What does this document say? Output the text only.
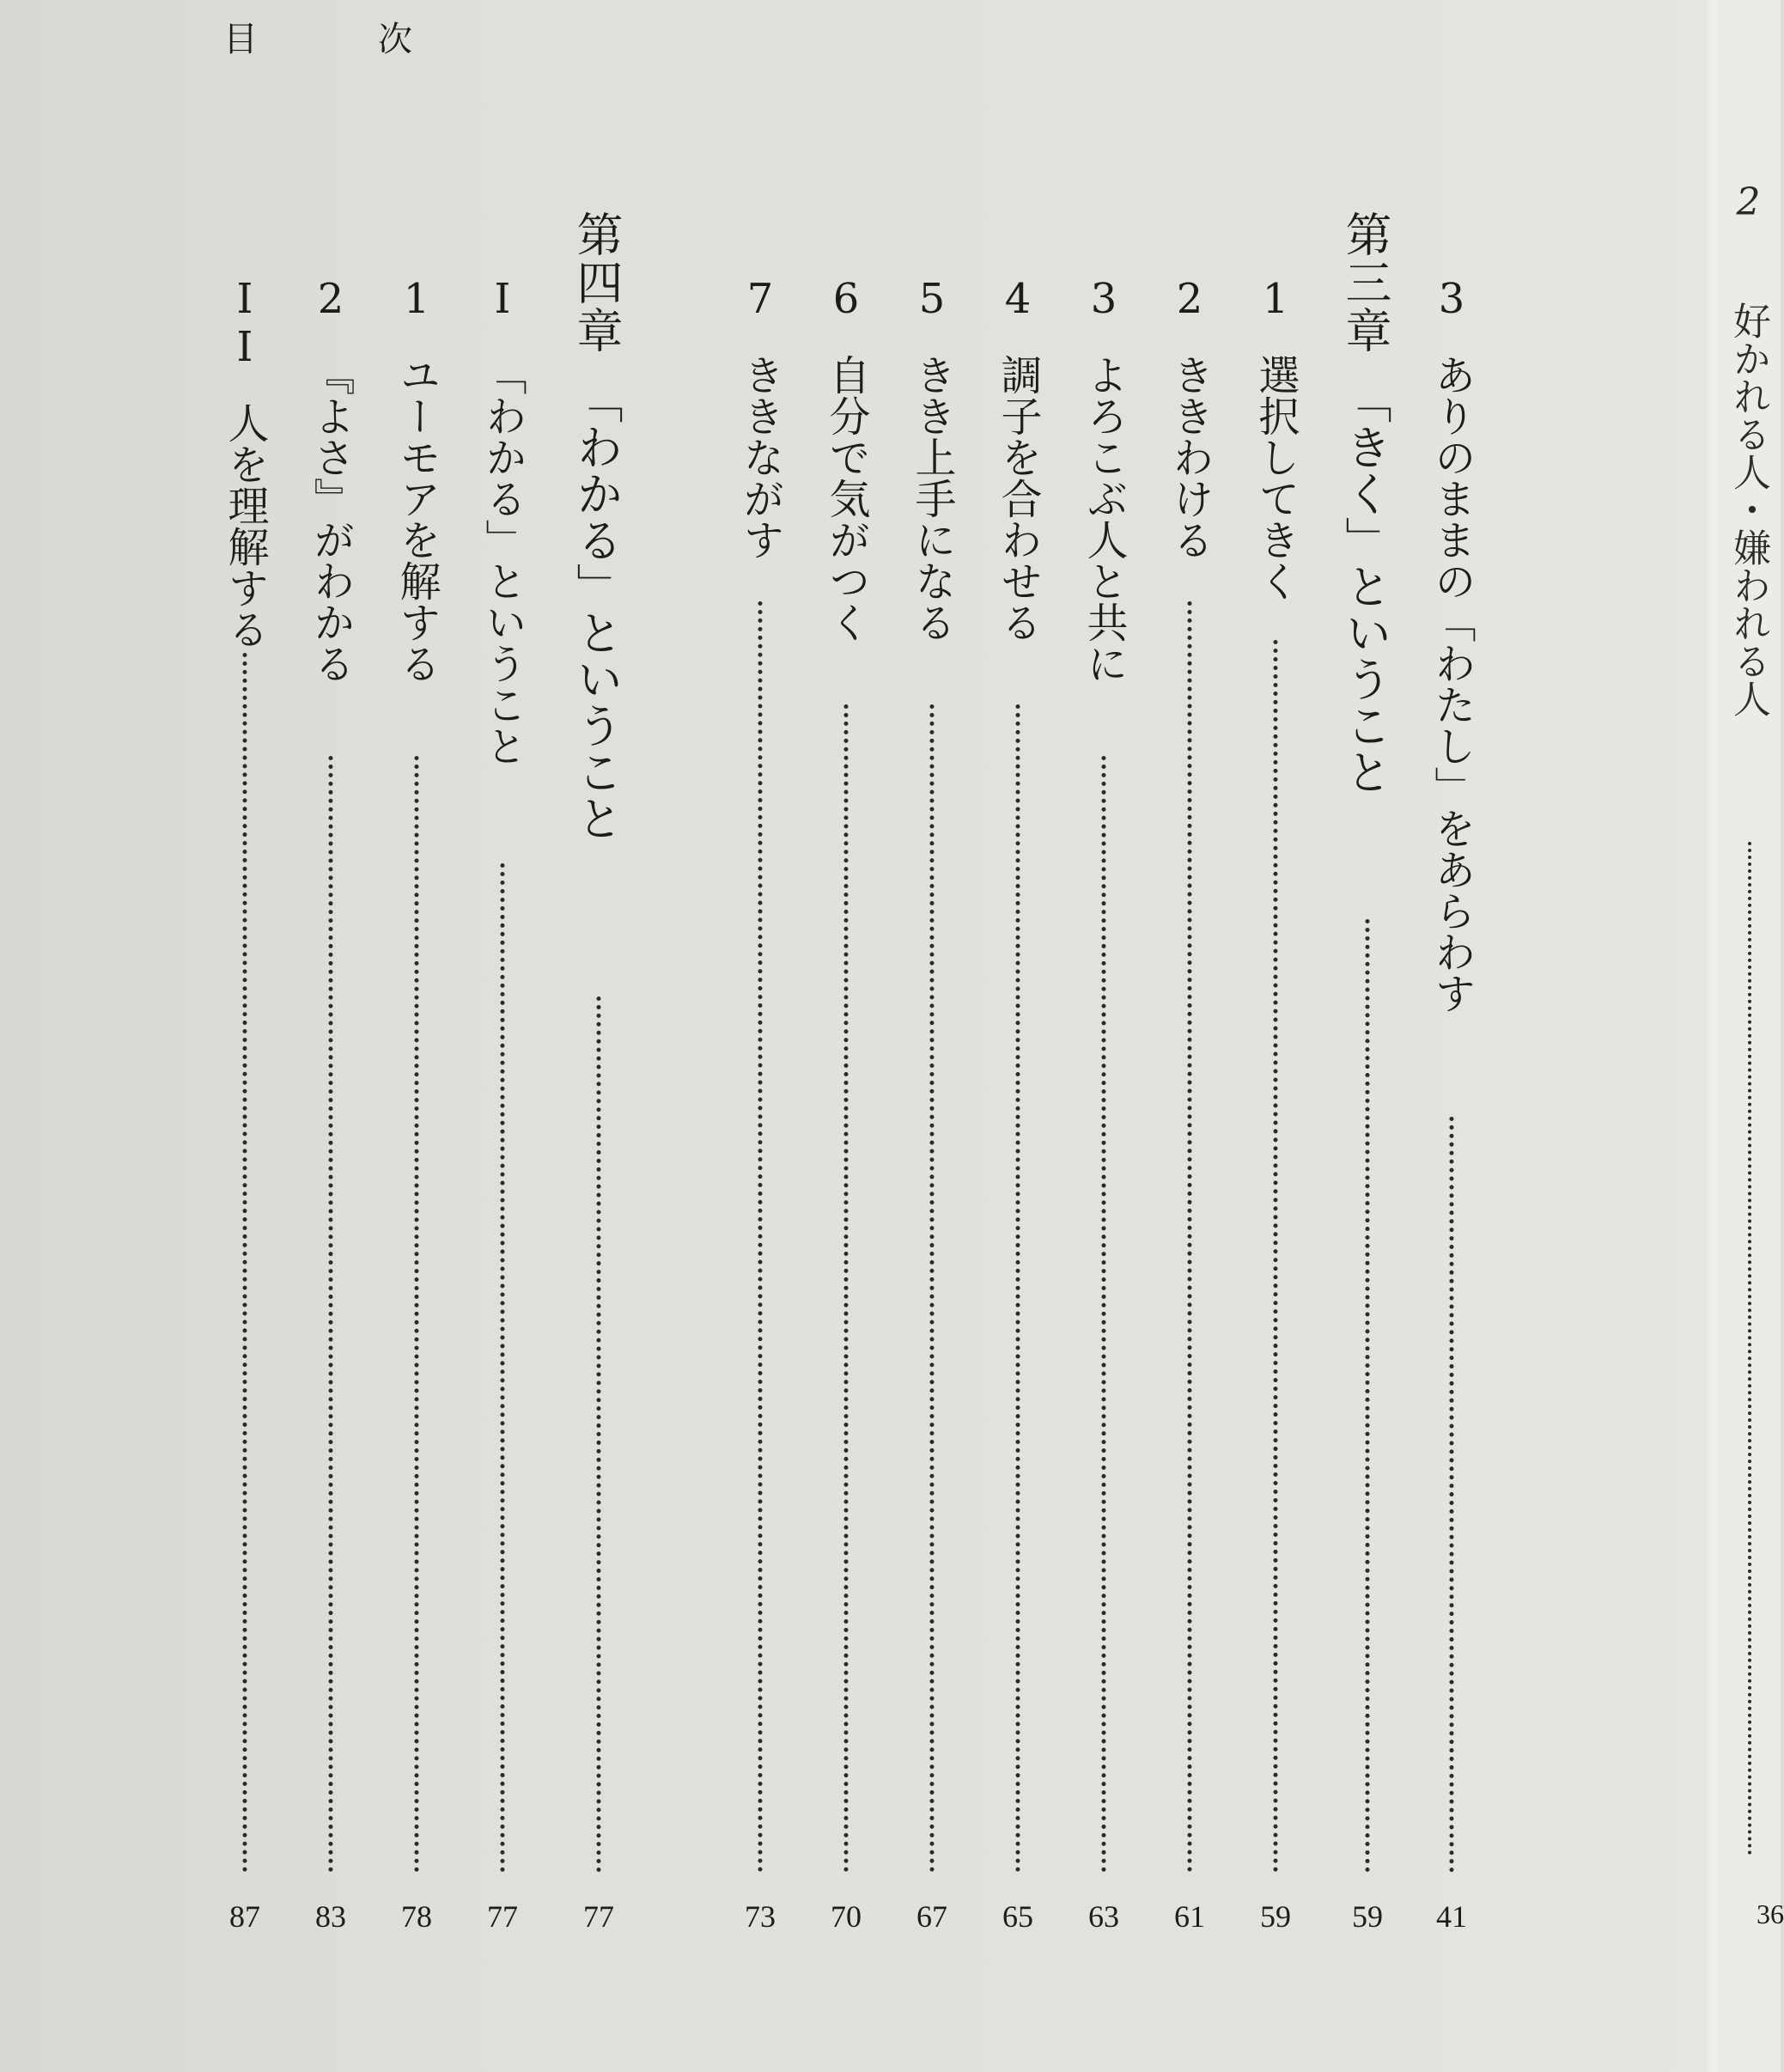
目	次
3ありのままの「わたし」をあらわす
第三章「きく」ということ
1選択してきく
2ききわける
3よろこぶ人と共に
4調子を合わせる
5きき上手になる
6自分で気がつく
7ききながす
第四章「わかる」ということ
I「わかる」ということ
1ユーモアを解する
2『よさ』がわかる
II人を理解する
41
59
59
61
63
65
67
70
73
77
77
78
83
87
2好かれる人・嫌われる人
36
